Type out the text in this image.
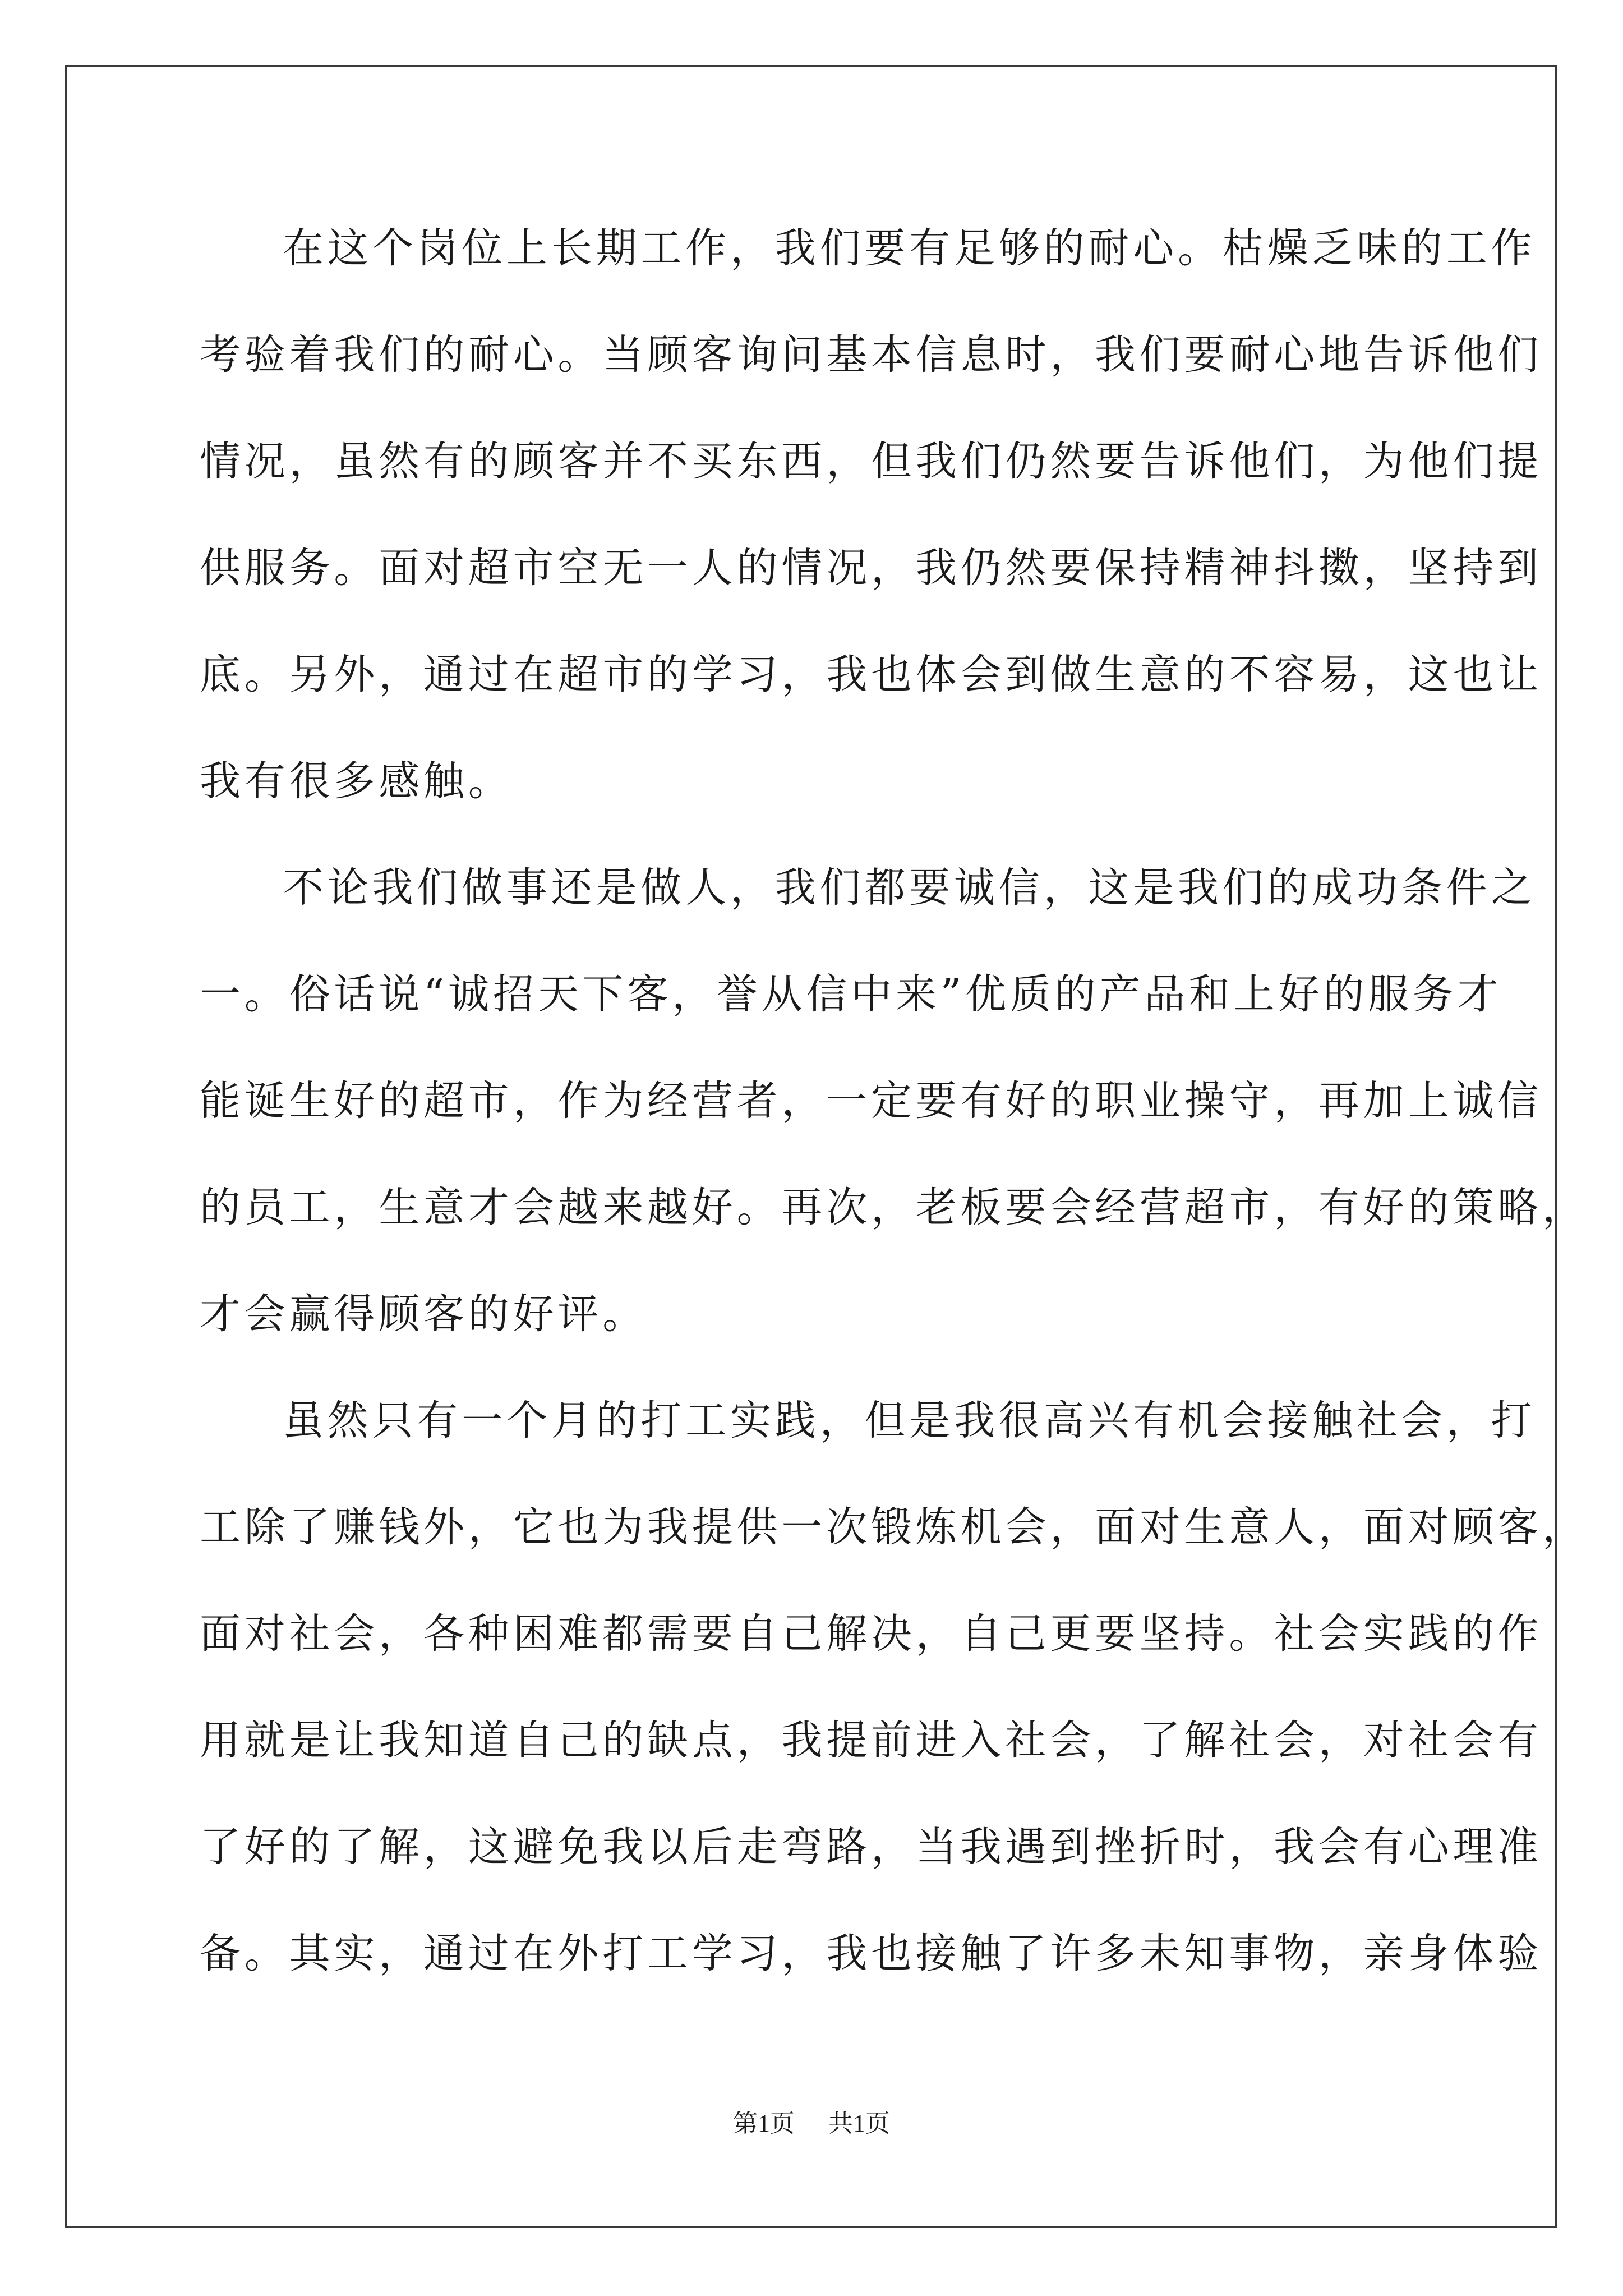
在这个岗位上长期工作，我们要有足够的耐心。枯燥乏味的工作
考验着我们的耐心。当顾客询问基本信息时，我们要耐心地告诉他们
情况，虽然有的顾客并不买东西，但我们仍然要告诉他们，为他们提
供服务。面对超市空无一人的情况，我仍然要保持精神抖擞，坚持到
底。另外，通过在超市的学习，我也体会到做生意的不容易，这也让
我有很多感触。
不论我们做事还是做人，我们都要诚信，这是我们的成功条件之
一。俗话说“诚招天下客，誉从信中来”优质的产品和上好的服务才
能诞生好的超市，作为经营者，一定要有好的职业操守，再加上诚信
的员工，生意才会越来越好。再次，老板要会经营超市，有好的策略，
才会赢得顾客的好评。
虽然只有一个月的打工实践，但是我很高兴有机会接触社会，打
工除了赚钱外，它也为我提供一次锻炼机会，面对生意人，面对顾客，
面对社会，各种困难都需要自己解决，自己更要坚持。社会实践的作
用就是让我知道自己的缺点，我提前进入社会，了解社会，对社会有
了好的了解，这避免我以后走弯路，当我遇到挫折时，我会有心理准
备。其实，通过在外打工学习，我也接触了许多未知事物，亲身体验
第1页 共1页
